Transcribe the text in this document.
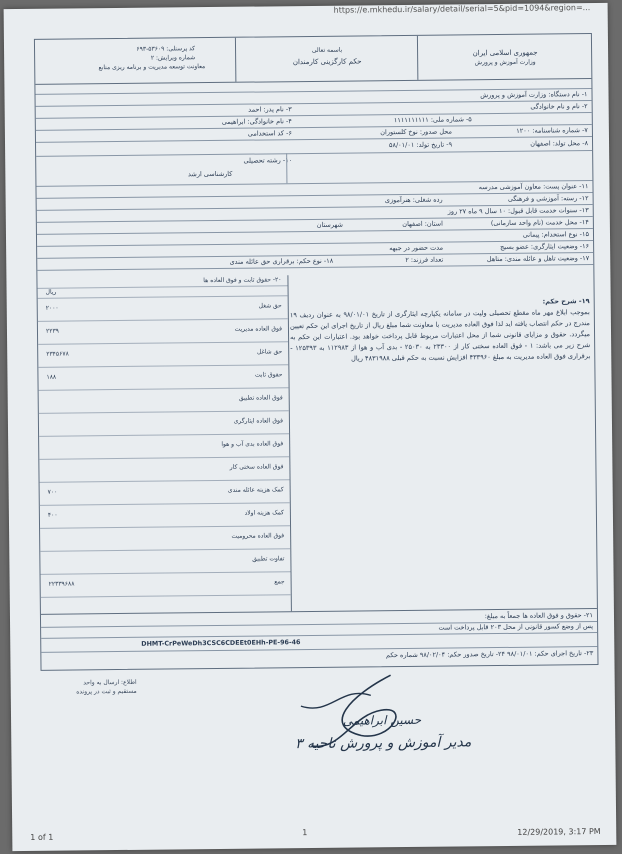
https://e.mkhedu.ir/salary/detail/serial=5&pid=1094&region=...
جمهوری اسلامی ایران
وزارت آموزش و پرورش
باسمه تعالی
حکم کارگزینی کارمندان
کد پرسنلی: ۵۳۶۰۹-۶۹۳
شماره ویرایش: ۲
معاونت توسعه مدیریت و برنامه ریزی منابع
۱- نام دستگاه: وزارت آموزش و پرورش
۲- نام و نام خانوادگی
۳- نام پدر: احمد
۴- نام خانوادگی: ابراهیمی	۵- شماره ملی: ۱۱۱۱۱۱۱۱۱۱
۷- شماره شناسنامه: ۱۲۰۰
محل صدور: نوخ کلستوران
۶- کد استخدامی
۸- محل تولد: اصفهان
۹- تاریخ تولد: ۵۸/۰۱/۰۱
۱۰- رشته تحصیلی
کارشناسی ارشد
۱۱- عنوان پست: معاون آموزشی مدرسه
۱۲- رسته: آموزشی و فرهنگی
رده شغلی: هنرآموزی
۱۳- سنوات خدمت قابل قبول: ۱۰ سال ۹ ماه ۲۷ روز
۱۴- محل خدمت (نام واحد سازمانی)
استان: اصفهان
شهرستان
۱۵- نوع استخدام: پیمانی
۱۶- وضعیت ایثارگری: عضو بسیج
مدت حضور در جبهه
۱۷- وضعیت تاهل و عائله مندی: متاهل
تعداد فرزند: ۲
۱۸- نوع حکم: برقراری حق عائله مندی
۲۰- حقوق ثابت و فوق العاده ها
ریال
حق شغل
۲۰۰۰
فوق العاده مدیریت
۲۲۳۹
حق شاغل
۲۳۴۵۶۷۸
حقوق ثابت
۱۸۸
فوق العاده تطبیق
فوق العاده ایثارگری
فوق العاده بدی آب و هوا
فوق العاده سختی کار
کمک هزینه عائله مندی
۷۰۰
کمک هزینه اولاد
۴۰۰
فوق العاده محرومیت
تفاوت تطبیق
جمع
۲۲۳۳۹۶۸۸
۱۹- شرح حکم:
بموجب ابلاغ مهر ماه مقطع تحصیلی ولیت در سامانه یکپارچه ایثارگری از تاریخ ۹۸/۰۱/۰۱ به عنوان ردیف ۱۹ مندرج در حکم انتصاب یافته اید لذا فوق العاده مدیریت با معاونت شما مبلغ ریال از تاریخ اجرای این حکم تعیین میگردد. حقوق و مزایای قانونی شما از محل اعتبارات مربوط قابل پرداخت خواهد بود. اعتبارات این حکم به شرح زیر می باشد: ۱ - فوق العاده سختی کار از ۲۳۳۰۰ به ۲۵۰۳۰ - بدی آب و هوا از ۱۱۲۹۸۳ به ۱۲۵۳۹۳ - برقراری فوق العاده مدیریت به مبلغ ۴۳۳۹۶۰ افزایش نسبت به حکم قبلی ۴۸۳۱۹۸۸ ریال
۲۱- حقوق و فوق العاده ها جمعاً به مبلغ:
پس از وضع کسور قانونی از محل ۲۰۳ قابل پرداخت است
DHMT-CrPeWeDh3CSC6CDEEt0EHh-PE-96-46
۲۳- تاریخ اجرای حکم: ۹۸/۰۱/۰۱ ۲۴- تاریخ صدور حکم: ۹۸/۰۲/۰۴ شماره حکم
اطلاع: ارسال به واحد مستقیم و ثبت در پرونده
حسین ابراهیمی
مدیر آموزش و پرورش ناحیه ۳
1 of 1
1	12/29/2019, 3:17 PM
